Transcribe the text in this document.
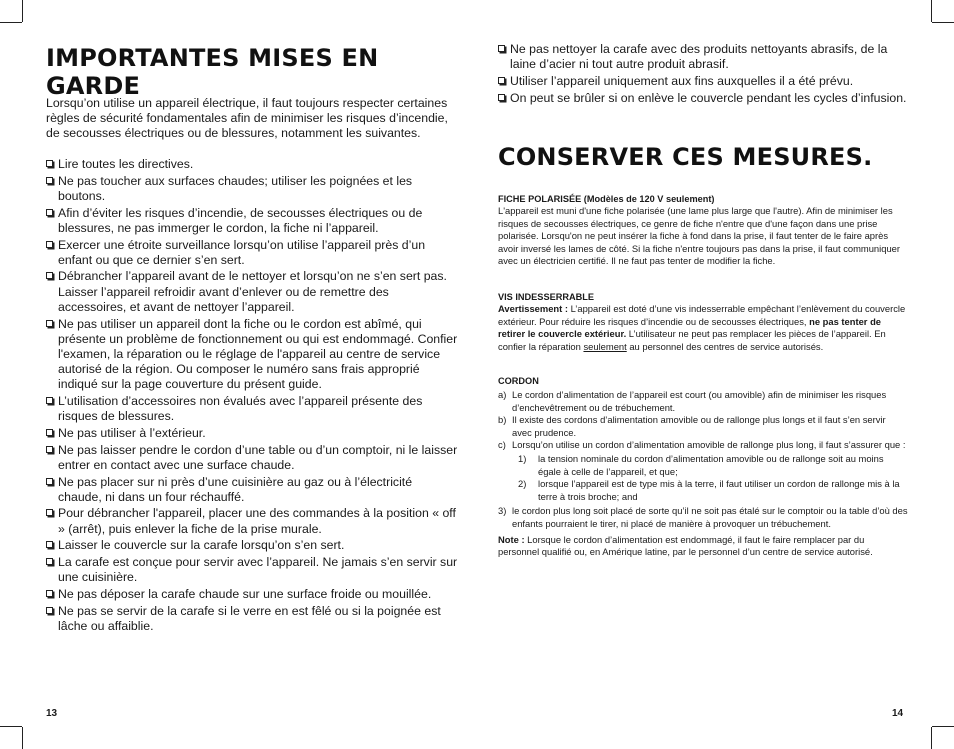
IMPORTANTES MISES EN GARDE

Lorsqu’on utilise un appareil électrique, il faut toujours respecter certaines règles de sécurité fondamentales afin de minimiser les risques d’incendie, de secousses électriques ou de blessures, notamment les suivantes.

Lire toutes les directives.
Ne pas toucher aux surfaces chaudes; utiliser les poignées et les boutons.
Afin d’éviter les risques d’incendie, de secousses électriques ou de blessures, ne pas immerger le cordon, la fiche ni l’appareil.
Exercer une étroite surveillance lorsqu’on utilise l’appareil près d’un enfant ou que ce dernier s’en sert.
Débrancher l’appareil avant de le nettoyer et lorsqu’on ne s’en sert pas. Laisser l’appareil refroidir avant d’enlever ou de remettre des accessoires, et avant de nettoyer l’appareil.
Ne pas utiliser un appareil dont la fiche ou le cordon est abîmé, qui présente un problème de fonctionnement ou qui est endommagé. Confier l'examen, la réparation ou le réglage de l'appareil au centre de service autorisé de la région. Ou composer le numéro sans frais approprié indiqué sur la page couverture du présent guide.
L’utilisation d’accessoires non évalués avec l’appareil présente des risques de blessures.
Ne pas utiliser à l’extérieur.
Ne pas laisser pendre le cordon d’une table ou d’un comptoir, ni le laisser entrer en contact avec une surface chaude.
Ne pas placer sur ni près d’une cuisinière au gaz ou à l’électricité chaude, ni dans un four réchauffé.
Pour débrancher l'appareil, placer une des commandes à la position « off » (arrêt), puis enlever la fiche de la prise murale.
Laisser le couvercle sur la carafe lorsqu’on s’en sert.
La carafe est conçue pour servir avec l’appareil. Ne jamais s’en servir sur une cuisinière.
Ne pas déposer la carafe chaude sur une surface froide ou mouillée.
Ne pas se servir de la carafe si le verre en est fêlé ou si la poignée est lâche ou affaiblie.
13
Ne pas nettoyer la carafe avec des produits nettoyants abrasifs, de la laine d’acier ni tout autre produit abrasif.
Utiliser l’appareil uniquement aux fins auxquelles il a été prévu.
On peut se brûler si on enlève le couvercle pendant les cycles d’infusion.
CONSERVER CES MESURES.

FICHE POLARISÉE (Modèles de 120 V seulement)

L'appareil est muni d'une fiche polarisée (une lame plus large que l'autre). Afin de minimiser les risques de secousses électriques, ce genre de fiche n'entre que d'une façon dans une prise polarisée. Lorsqu'on ne peut insérer la fiche à fond dans la prise, il faut tenter de le faire après avoir inversé les lames de côté. Si la fiche n'entre toujours pas dans la prise, il faut communiquer avec un électricien certifié. Il ne faut pas tenter de modifier la fiche.

VIS INDESSERRABLE

Avertissement : L’appareil est doté d’une vis indesserrable empêchant l’enlèvement du couvercle extérieur. Pour réduire les risques d’incendie ou de secousses électriques, ne pas tenter de retirer le couvercle extérieur. L’utilisateur ne peut pas remplacer les pièces de l’appareil. En confier la réparation seulement au personnel des centres de service autorisés.

CORDON

a) Le cordon d’alimentation de l’appareil est court (ou amovible) afin de minimiser les risques d’enchevêtrement ou de trébuchement.
b) Il existe des cordons d’alimentation amovible ou de rallonge plus longs et il faut s’en servir avec prudence.
c) Lorsqu’on utilise un cordon d’alimentation amovible de rallonge plus long, il faut s’assurer que :
1) la tension nominale du cordon d’alimentation amovible ou de rallonge soit au moins égale à celle de l’appareil, et que;
2) lorsque l’appareil est de type mis à la terre, il faut utiliser un cordon de rallonge mis à la terre à trois broche; and
3) le cordon plus long soit placé de sorte qu’il ne soit pas étalé sur le comptoir ou la table d’où des enfants pourraient le tirer, ni placé de manière à provoquer un trébuchement.

Note : Lorsque le cordon d’alimentation est endommagé, il faut le faire remplacer par du personnel qualifié ou, en Amérique latine, par le personnel d’un centre de service autorisé.

14
